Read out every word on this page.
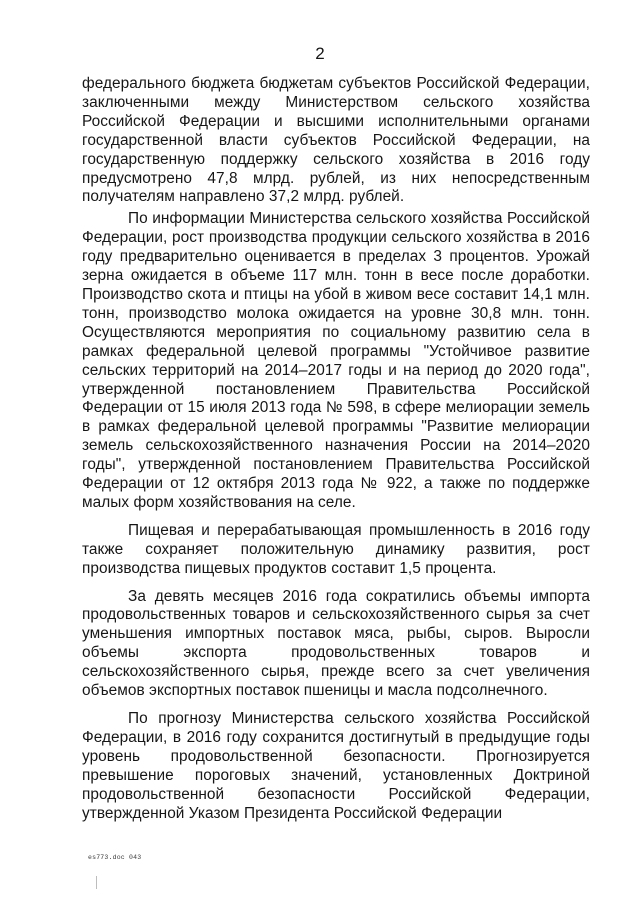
2

федерального бюджета бюджетам субъектов Российской Федерации, заключенными между Министерством сельского хозяйства Российской Федерации и высшими исполнительными органами государственной власти субъектов Российской Федерации, на государственную поддержку сельского хозяйства в 2016 году предусмотрено 47,8 млрд. рублей, из них непосредственным получателям направлено 37,2 млрд. рублей.

По информации Министерства сельского хозяйства Российской Федерации, рост производства продукции сельского хозяйства в 2016 году предварительно оценивается в пределах 3 процентов. Урожай зерна ожидается в объеме 117 млн. тонн в весе после доработки. Производство скота и птицы на убой в живом весе составит 14,1 млн. тонн, производство молока ожидается на уровне 30,8 млн. тонн. Осуществляются мероприятия по социальному развитию села в рамках федеральной целевой программы "Устойчивое развитие сельских территорий на 2014–2017 годы и на период до 2020 года", утвержденной постановлением Правительства Российской Федерации от 15 июля 2013 года № 598, в сфере мелиорации земель в рамках федеральной целевой программы "Развитие мелиорации земель сельскохозяйственного назначения России на 2014–2020 годы", утвержденной постановлением Правительства Российской Федерации от 12 октября 2013 года № 922, а также по поддержке малых форм хозяйствования на селе.

Пищевая и перерабатывающая промышленность в 2016 году также сохраняет положительную динамику развития, рост производства пищевых продуктов составит 1,5 процента.

За девять месяцев 2016 года сократились объемы импорта продовольственных товаров и сельскохозяйственного сырья за счет уменьшения импортных поставок мяса, рыбы, сыров. Выросли объемы экспорта продовольственных товаров и сельскохозяйственного сырья, прежде всего за счет увеличения объемов экспортных поставок пшеницы и масла подсолнечного.

По прогнозу Министерства сельского хозяйства Российской Федерации, в 2016 году сохранится достигнутый в предыдущие годы уровень продовольственной безопасности. Прогнозируется превышение пороговых значений, установленных Доктриной продовольственной безопасности Российской Федерации, утвержденной Указом Президента Российской Федерации

es773.doc 043
